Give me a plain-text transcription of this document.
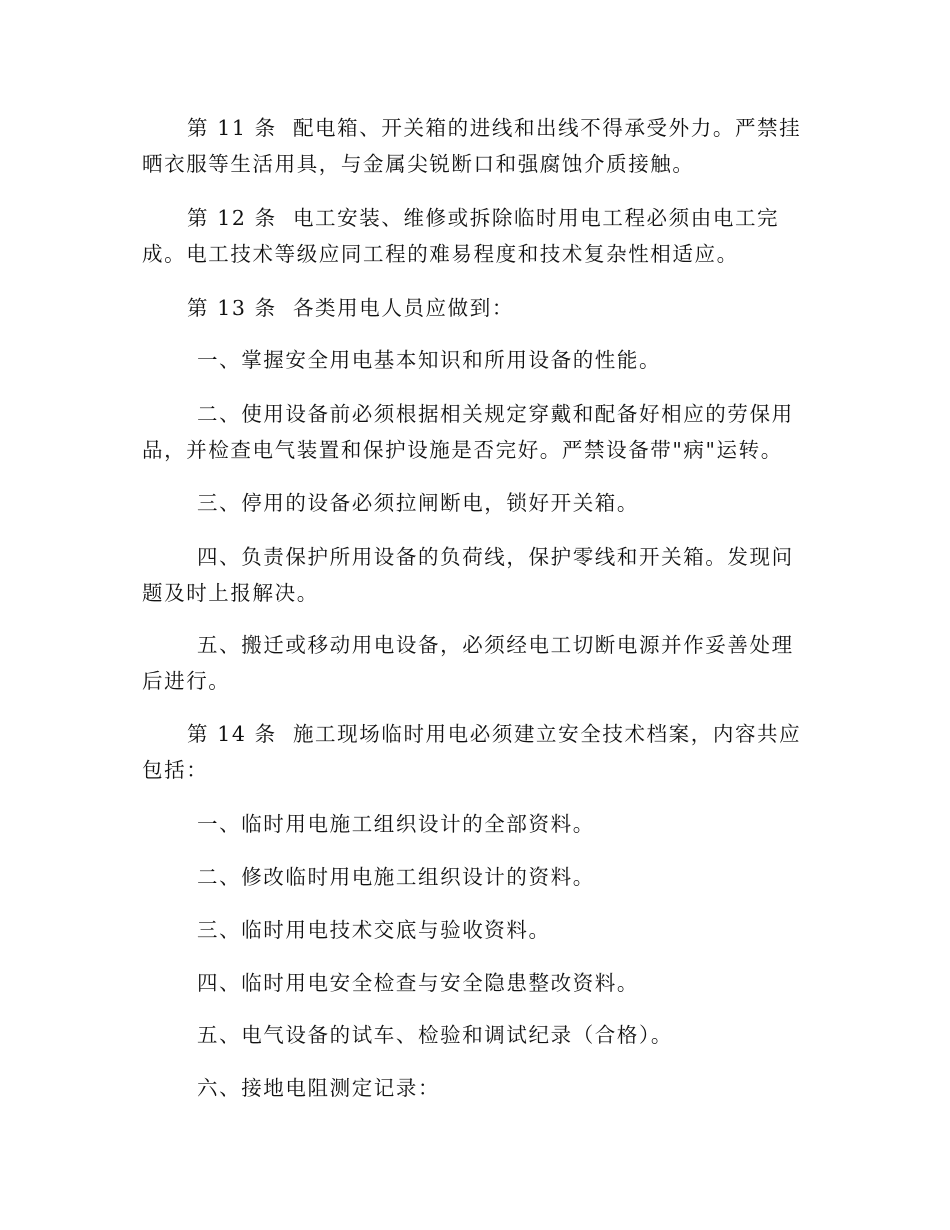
第 11 条  配电箱、开关箱的进线和出线不得承受外力。严禁挂晒衣服等生活用具，与金属尖锐断口和强腐蚀介质接触。

第 12 条  电工安装、维修或拆除临时用电工程必须由电工完成。电工技术等级应同工程的难易程度和技术复杂性相适应。

第 13 条  各类用电人员应做到：

一、掌握安全用电基本知识和所用设备的性能。

二、使用设备前必须根据相关规定穿戴和配备好相应的劳保用品，并检查电气装置和保护设施是否完好。严禁设备带"病"运转。

三、停用的设备必须拉闸断电，锁好开关箱。

四、负责保护所用设备的负荷线，保护零线和开关箱。发现问题及时上报解决。

五、搬迁或移动用电设备，必须经电工切断电源并作妥善处理后进行。

第 14 条  施工现场临时用电必须建立安全技术档案，内容共应包括：

一、临时用电施工组织设计的全部资料。

二、修改临时用电施工组织设计的资料。

三、临时用电技术交底与验收资料。

四、临时用电安全检查与安全隐患整改资料。

五、电气设备的试车、检验和调试纪录（合格）。

六、接地电阻测定记录：
